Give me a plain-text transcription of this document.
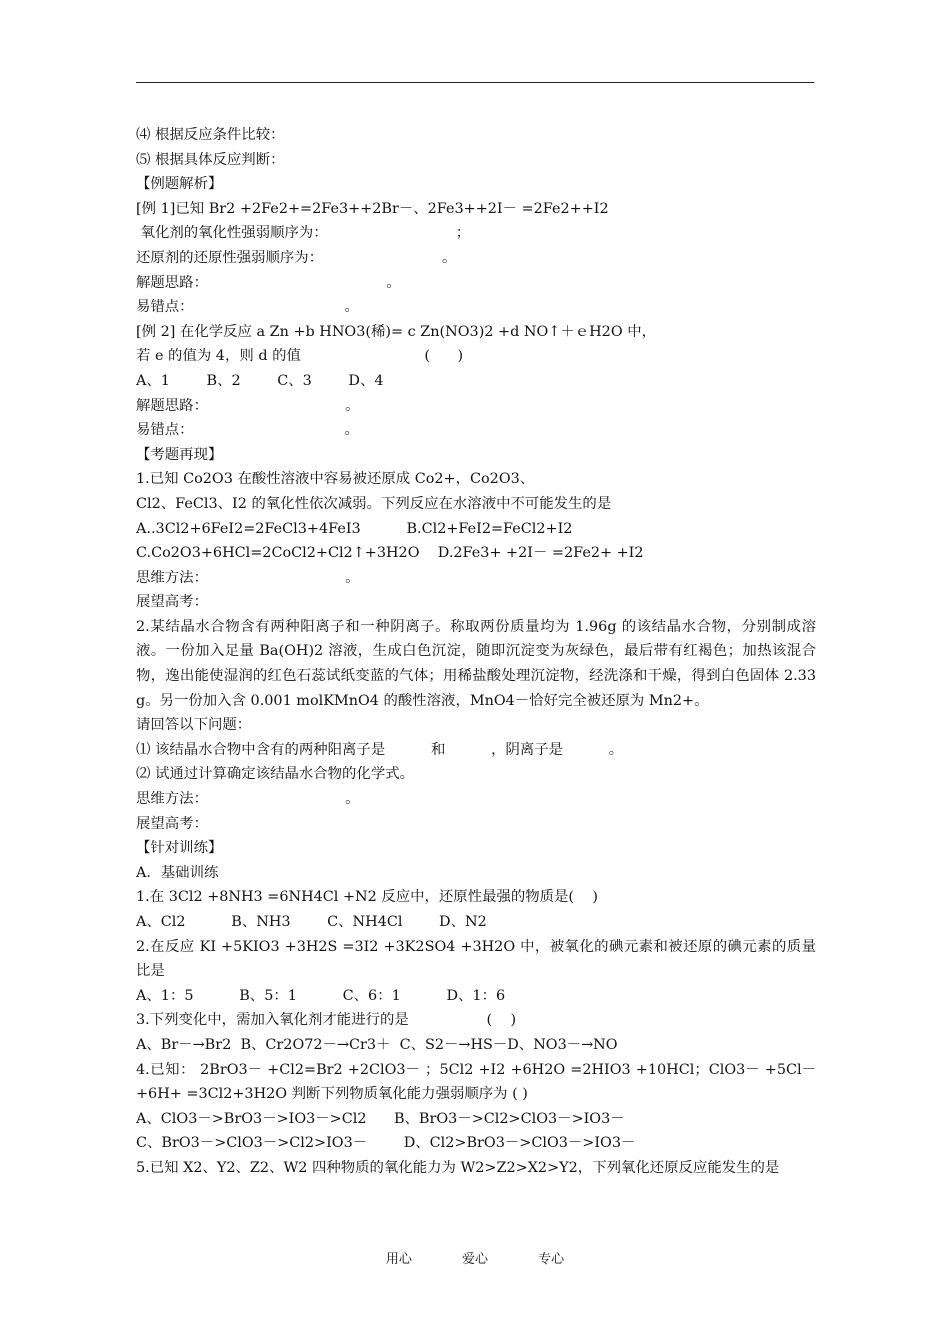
⑷ 根据反应条件比较：
⑸ 根据具体反应判断：
【例题解析】
[例 1]已知 Br2 +2Fe2+=2Fe3++2Br－、2Fe3++2I－ =2Fe2++I2
氧化剂的氧化性强弱顺序为：                            ；
还原剂的还原性强弱顺序为：                          。
解题思路：                                       。
易错点：                                 。
[例 2] 在化学反应 a Zn +b HNO3(稀)= c Zn(NO3)2 +d NO↑＋ｅH2O 中，
若 e 的值为 4，则 d 的值                           (      )
A、1        B、2        C、3        D、4
解题思路：                              。
易错点：                                 。
【考题再现】
1.已知 Co2O3 在酸性溶液中容易被还原成 Co2+，Co2O3、
Cl2、FeCl3、I2 的氧化性依次减弱。下列反应在水溶液中不可能发生的是
A..3Cl2+6FeI2=2FeCl3+4FeI3          B.Cl2+FeI2=FeCl2+I2
C.Co2O3+6HCl=2CoCl2+Cl2↑+3H2O    D.2Fe3+ +2I－ =2Fe2+ +I2
思维方法：                              。
展望高考：
2.某结晶水合物含有两种阳离子和一种阴离子。称取两份质量均为 1.96g 的该结晶水合物，分别制成溶液。一份加入足量 Ba(OH)2 溶液，生成白色沉淀，随即沉淀变为灰绿色，最后带有红褐色；加热该混合物，逸出能使湿润的红色石蕊试纸变蓝的气体；用稀盐酸处理沉淀物，经洗涤和干燥，得到白色固体 2.33 g。另一份加入含 0.001 molKMnO4 的酸性溶液，MnO4－恰好完全被还原为 Mn2+。
请回答以下问题：
⑴ 该结晶水合物中含有的两种阳离子是          和          ，阴离子是          。
⑵ 试通过计算确定该结晶水合物的化学式。
思维方法：                              。
展望高考：
【针对训练】
A．基础训练
1.在 3Cl2 +8NH3 =6NH4Cl +N2 反应中，还原性最强的物质是(    )
A、Cl2          B、NH3        C、NH4Cl        D、N2
2.在反应 KI +5KIO3 +3H2S =3I2 +3K2SO4 +3H2O 中，被氧化的碘元素和被还原的碘元素的质量比是
A、1：5          B、5：1          C、6：1          D、1：6
3.下列变化中，需加入氧化剂才能进行的是                 (    )
A、Br－→Br2  B、Cr2O72－→Cr3＋  C、S2－→HS－D、NO3－→NO
4.已知： 2BrO3－ +Cl2=Br2 +2ClO3－ ；5Cl2 +I2 +6H2O =2HIO3 +10HCl；ClO3－ +5Cl－ +6H+ =3Cl2+3H2O 判断下列物质氧化能力强弱顺序为 ( )
A、ClO3－>BrO3－>IO3－>Cl2      B、BrO3－>Cl2>ClO3－>IO3－
C、BrO3－>ClO3－>Cl2>IO3－        D、Cl2>BrO3－>ClO3－>IO3－
5.已知 X2、Y2、Z2、W2 四种物质的氧化能力为 W2>Z2>X2>Y2，下列氧化还原反应能发生的是
用心	爱心	专心
